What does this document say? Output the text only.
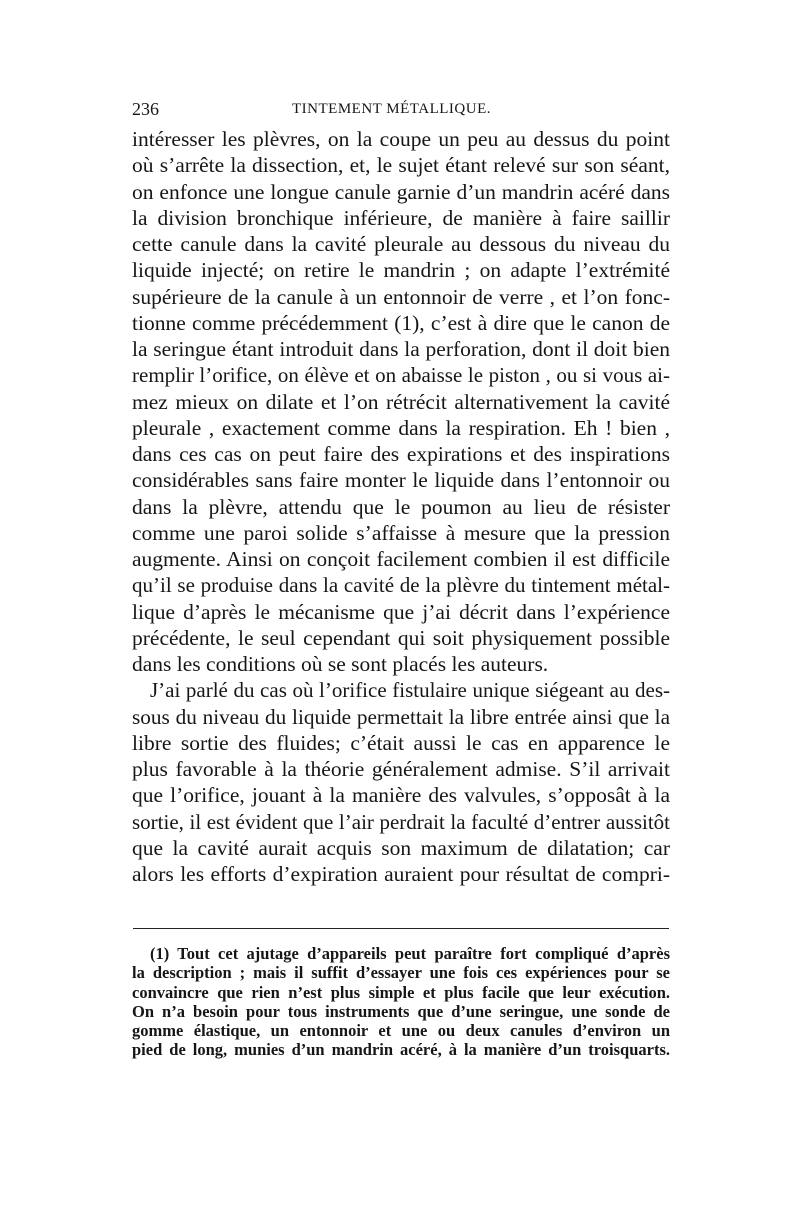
236	TINTEMENT MÉTALLIQUE.
intéresser les plèvres, on la coupe un peu au dessus du point
où s’arrête la dissection, et, le sujet étant relevé sur son séant,
on enfonce une longue canule garnie d’un mandrin acéré dans
la division bronchique inférieure, de manière à faire saillir
cette canule dans la cavité pleurale au dessous du niveau du
liquide injecté; on retire le mandrin ; on adapte l’extrémité
supérieure de la canule à un entonnoir de verre , et l’on fonc-
tionne comme précédemment (1), c’est à dire que le canon de
la seringue étant introduit dans la perforation, dont il doit bien
remplir l’orifice, on élève et on abaisse le piston , ou si vous ai-
mez mieux on dilate et l’on rétrécit alternativement la cavité
pleurale , exactement comme dans la respiration. Eh ! bien ,
dans ces cas on peut faire des expirations et des inspirations
considérables sans faire monter le liquide dans l’entonnoir ou
dans la plèvre, attendu que le poumon au lieu de résister
comme une paroi solide s’affaisse à mesure que la pression
augmente. Ainsi on conçoit facilement combien il est difficile
qu’il se produise dans la cavité de la plèvre du tintement métal-
lique d’après le mécanisme que j’ai décrit dans l’expérience
précédente, le seul cependant qui soit physiquement possible
dans les conditions où se sont placés les auteurs.
J’ai parlé du cas où l’orifice fistulaire unique siégeant au des-
sous du niveau du liquide permettait la libre entrée ainsi que la
libre sortie des fluides; c’était aussi le cas en apparence le
plus favorable à la théorie généralement admise. S’il arrivait
que l’orifice, jouant à la manière des valvules, s’opposât à la
sortie, il est évident que l’air perdrait la faculté d’entrer aussitôt
que la cavité aurait acquis son maximum de dilatation; car
alors les efforts d’expiration auraient pour résultat de compri-
(1) Tout cet ajutage d’appareils peut paraître fort compliqué d’après
la description ; mais il suffit d’essayer une fois ces expériences pour se
convaincre que rien n’est plus simple et plus facile que leur exécution.
On n’a besoin pour tous instruments que d’une seringue, une sonde de
gomme élastique, un entonnoir et une ou deux canules d’environ un
pied de long, munies d’un mandrin acéré, à la manière d’un troisquarts.
